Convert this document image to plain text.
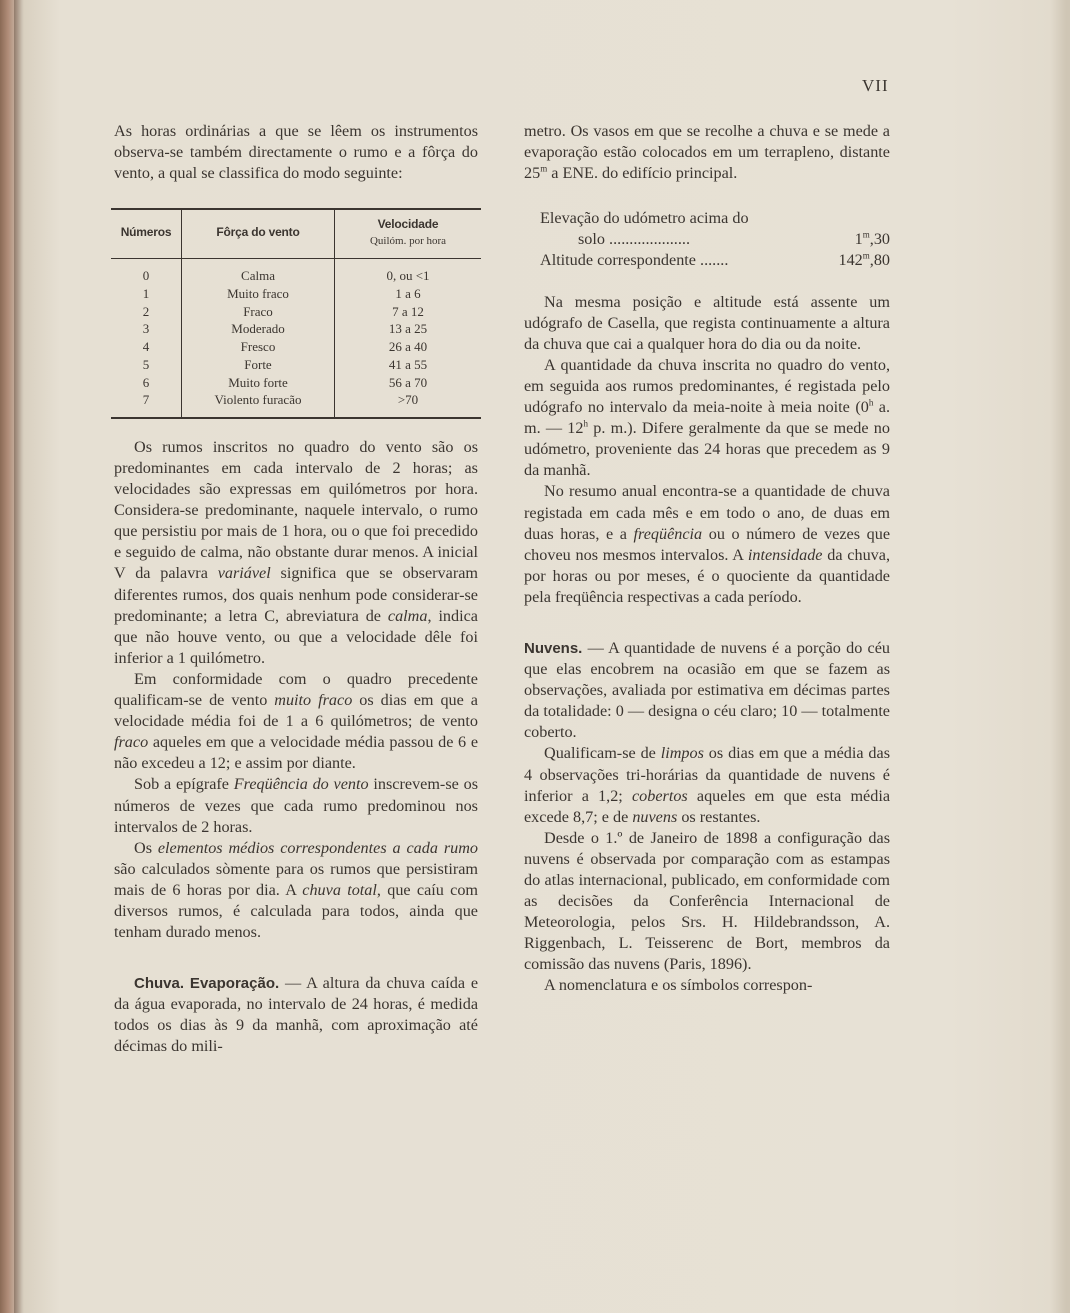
VII

As horas ordinárias a que se lêem os instrumentos observa-se também directamente o rumo e a fôrça do vento, a qual se classifica do modo seguinte:

Números	Fôrça do vento	Velocidade
Quilóm. por hora

0	Calma	0, ou <1
1	Muito fraco	1 a 6
2	Fraco	7 a 12
3	Moderado	13 a 25
4	Fresco	26 a 40
5	Forte	41 a 55
6	Muito forte	56 a 70
7	Violento furacão	>70

Os rumos inscritos no quadro do vento são os predominantes em cada intervalo de 2 horas; as velocidades são expressas em quilómetros por hora. Considera-se predominante, naquele intervalo, o rumo que persistiu por mais de 1 hora, ou o que foi precedido e seguido de calma, não obstante durar menos. A inicial V da palavra variável significa que se observaram diferentes rumos, dos quais nenhum pode considerar-se predominante; a letra C, abreviatura de calma, indica que não houve vento, ou que a velocidade dêle foi inferior a 1 quilómetro.

Em conformidade com o quadro precedente qualificam-se de vento muito fraco os dias em que a velocidade média foi de 1 a 6 quilómetros; de vento fraco aqueles em que a velocidade média passou de 6 e não excedeu a 12; e assim por diante.

Sob a epígrafe Freqüência do vento inscrevem-se os números de vezes que cada rumo predominou nos intervalos de 2 horas.

Os elementos médios correspondentes a cada rumo são calculados sòmente para os rumos que persistiram mais de 6 horas por dia. A chuva total, que caíu com diversos rumos, é calculada para todos, ainda que tenham durado menos.

Chuva. Evaporação. — A altura da chuva caída e da água evaporada, no intervalo de 24 horas, é medida todos os dias às 9 da manhã, com aproximação até décimas do mili-

metro. Os vasos em que se recolhe a chuva e se mede a evaporação estão colocados em um terrapleno, distante 25$^m$ a ENE. do edifício principal.

Elevação do udómetro acima do
solo ....................	1$^m$,30
Altitude correspondente .......	142$^m$,80

Na mesma posição e altitude está assente um udógrafo de Casella, que regista continuamente a altura da chuva que cai a qualquer hora do dia ou da noite.

A quantidade da chuva inscrita no quadro do vento, em seguida aos rumos predominantes, é registada pelo udógrafo no intervalo da meia-noite à meia noite (0$^h$ a. m. — 12$^h$ p. m.). Difere geralmente da que se mede no udómetro, proveniente das 24 horas que precedem as 9 da manhã.

No resumo anual encontra-se a quantidade de chuva registada em cada mês e em todo o ano, de duas em duas horas, e a freqüência ou o número de vezes que choveu nos mesmos intervalos. A intensidade da chuva, por horas ou por meses, é o quociente da quantidade pela freqüência respectivas a cada período.

Nuvens. — A quantidade de nuvens é a porção do céu que elas encobrem na ocasião em que se fazem as observações, avaliada por estimativa em décimas partes da totalidade: 0 — designa o céu claro; 10 — totalmente coberto.

Qualificam-se de limpos os dias em que a média das 4 observações tri-horárias da quantidade de nuvens é inferior a 1,2; cobertos aqueles em que esta média excede 8,7; e de nuvens os restantes.

Desde o 1.º de Janeiro de 1898 a configuração das nuvens é observada por comparação com as estampas do atlas internacional, publicado, em conformidade com as decisões da Conferência Internacional de Meteorologia, pelos Srs. H. Hildebrandsson, A. Riggenbach, L. Teisserenc de Bort, membros da comissão das nuvens (Paris, 1896).

A nomenclatura e os símbolos correspon-
